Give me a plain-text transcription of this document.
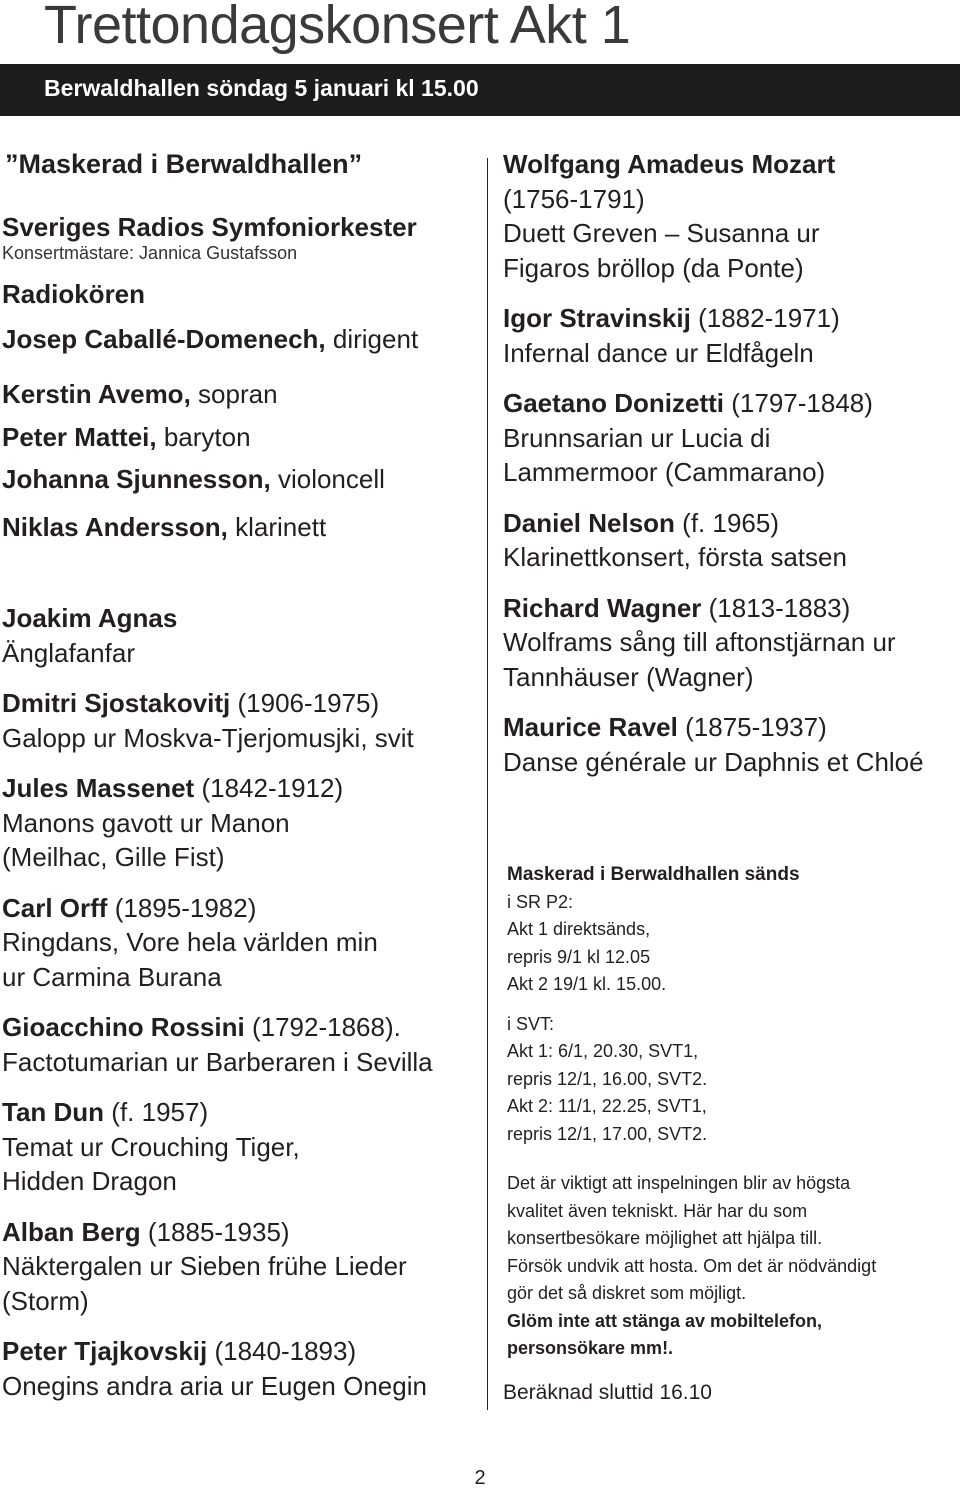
Trettondagskonsert Akt 1
Berwaldhallen söndag 5 januari kl 15.00
”Maskerad i Berwaldhallen”
Sveriges Radios Symfoniorkester
Konsertmästare: Jannica Gustafsson
Radiokören
Josep Caballé-Domenech, dirigent
Kerstin Avemo, sopran
Peter Mattei, baryton
Johanna Sjunnesson, violoncell
Niklas Andersson, klarinett
Joakim Agnas
Änglafanfar
Dmitri Sjostakovitj (1906-1975)
Galopp ur Moskva-Tjerjomusjki, svit
Jules Massenet (1842-1912)
Manons gavott ur Manon
(Meilhac, Gille Fist)
Carl Orff (1895-1982)
Ringdans, Vore hela världen min
ur Carmina Burana
Gioacchino Rossini (1792-1868).
Factotumarian ur Barberaren i Sevilla
Tan Dun (f. 1957)
Temat ur Crouching Tiger,
Hidden Dragon
Alban Berg (1885-1935)
Näktergalen ur Sieben frühe Lieder
(Storm)
Peter Tjajkovskij (1840-1893)
Onegins andra aria ur Eugen Onegin
Wolfgang Amadeus Mozart
(1756-1791)
Duett Greven – Susanna ur
Figaros bröllop (da Ponte)
Igor Stravinskij (1882-1971)
Infernal dance ur Eldfågeln
Gaetano Donizetti (1797-1848)
Brunnsarian ur Lucia di
Lammermoor (Cammarano)
Daniel Nelson (f. 1965)
Klarinettkonsert, första satsen
Richard Wagner (1813-1883)
Wolframs sång till aftonstjärnan ur
Tannhäuser (Wagner)
Maurice Ravel (1875-1937)
Danse générale ur Daphnis et Chloé
Maskerad i Berwaldhallen sänds
i SR P2:
Akt 1 direktsänds,
repris 9/1 kl 12.05
Akt 2 19/1 kl. 15.00.
i SVT:
Akt 1: 6/1, 20.30, SVT1,
repris 12/1, 16.00, SVT2.
Akt 2: 11/1, 22.25, SVT1,
repris 12/1, 17.00, SVT2.
Det är viktigt att inspelningen blir av högsta
kvalitet även tekniskt. Här har du som
konsertbesökare möjlighet att hjälpa till.
Försök undvik att hosta. Om det är nödvändigt
gör det så diskret som möjligt.
Glöm inte att stänga av mobiltelefon,
personsökare mm!.
Beräknad sluttid 16.10
2
